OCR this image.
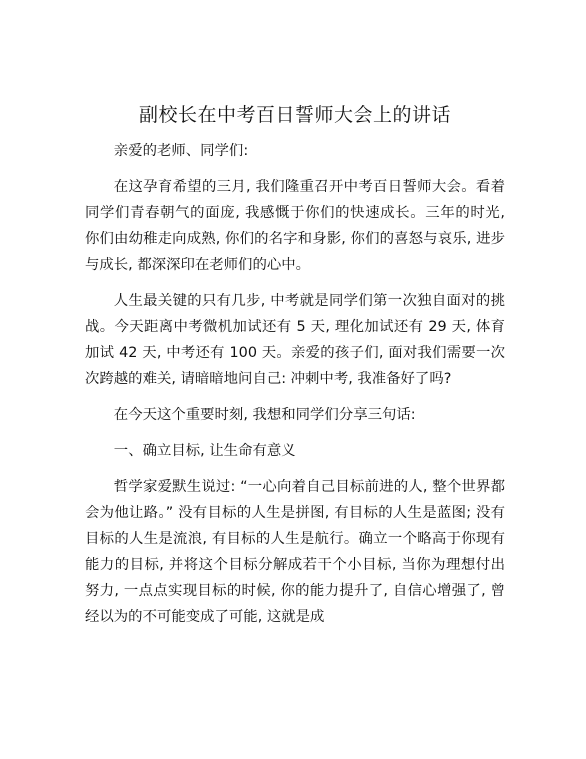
副校长在中考百日誓师大会上的讲话

亲爱的老师、同学们:

在这孕育希望的三月, 我们隆重召开中考百日誓师大会。看着同学们青春朝气的面庞, 我感慨于你们的快速成长。三年的时光, 你们由幼稚走向成熟, 你们的名字和身影, 你们的喜怒与哀乐, 进步与成长, 都深深印在老师们的心中。

人生最关键的只有几步, 中考就是同学们第一次独自面对的挑战。今天距离中考微机加试还有 5 天, 理化加试还有 29 天, 体育加试 42 天, 中考还有 100 天。亲爱的孩子们, 面对我们需要一次次跨越的难关, 请暗暗地问自己: 冲刺中考, 我准备好了吗?

在今天这个重要时刻, 我想和同学们分享三句话:

一、确立目标, 让生命有意义

哲学家爱默生说过: “一心向着自己目标前进的人, 整个世界都会为他让路。” 没有目标的人生是拼图, 有目标的人生是蓝图; 没有目标的人生是流浪, 有目标的人生是航行。确立一个略高于你现有能力的目标, 并将这个目标分解成若干个小目标, 当你为理想付出努力, 一点点实现目标的时候, 你的能力提升了, 自信心增强了, 曾经以为的不可能变成了可能, 这就是成
